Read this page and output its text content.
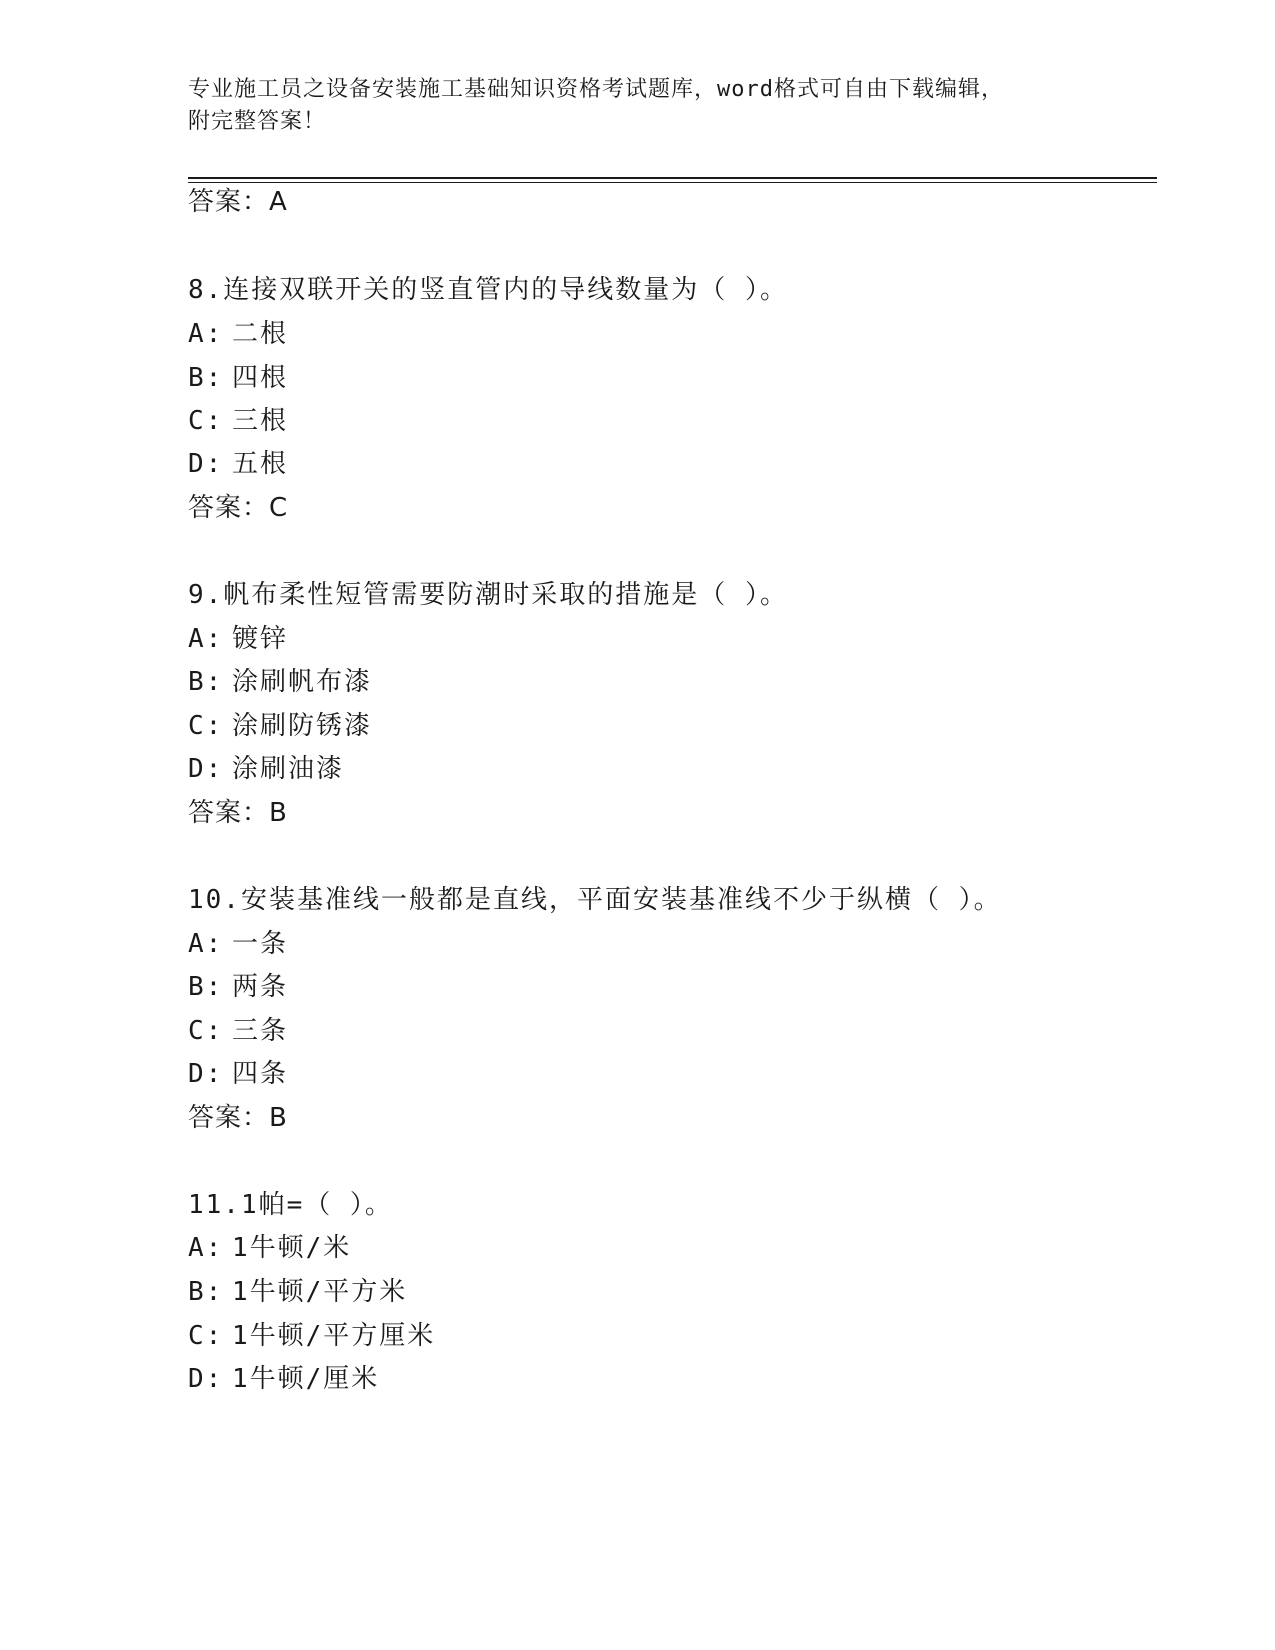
专业施工员之设备安装施工基础知识资格考试题库，word格式可自由下载编辑，
附完整答案！
答案：A
8.连接双联开关的竖直管内的导线数量为（ ）。
A: 二根
B: 四根
C: 三根
D: 五根
答案：C
9.帆布柔性短管需要防潮时采取的措施是（ ）。
A: 镀锌
B: 涂刷帆布漆
C: 涂刷防锈漆
D: 涂刷油漆
答案：B
10.安装基准线一般都是直线，平面安装基准线不少于纵横（ ）。
A: 一条
B: 两条
C: 三条
D: 四条
答案：B
11.1帕=（ ）。
A: 1牛顿/米
B: 1牛顿/平方米
C: 1牛顿/平方厘米
D: 1牛顿/厘米
